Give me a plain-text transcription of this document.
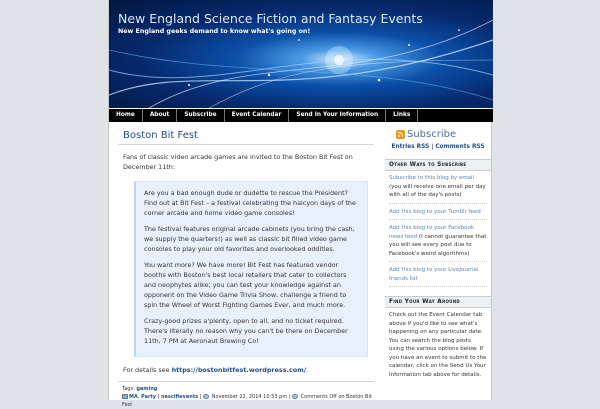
New England Science Fiction and Fantasy Events
New England geeks demand to know what's going on!
Home	About	Subscribe	Event Calendar	Send In Your Information	Links
Boston Bit Fest
Fans of classic video arcade games are invited to the Boston Bit Fest on December 11th:

Are you a bad enough dude or dudette to rescue the President? Find out at Bit Fest – a festival celebrating the halcyon days of the corner arcade and home video game consoles!

The festival features original arcade cabinets (you bring the cash, we supply the quarters!) as well as classic bit filled video game consoles to play your old favorites and overlooked oddities.

You want more? We have more! Bit Fest has featured vendor booths with Boston's best local retailers that cater to collectors and neophytes alike; you can test your knowledge against an opponent on the Video Game Trivia Show, challenge a friend to spin the Wheel of Worst Fighting Games Ever, and much more.

Crazy-good prizes a'plenty, open to all, and no ticket required. There's literally no reason why you can't be there on December 11th, 7 PM at Aeronaut Brewing Co!

For details see https://bostonbitfest.wordpress.com/.
Tags: gaming
MA, Party | nescifievents |  November 22, 2014 10:53 pm |  Comments Off on Boston Bit Fest
Subscribe
Entries RSS | Comments RSS
Other Ways to Subscribe
Subscribe to this blog by email (you will receive one email per day with all of the day's posts)
Add this blog to your Tumblr feed
Add this blog to your Facebook news feed (I cannot guarantee that you will see every post due to Facebook's weird algorithms)
Add this blog to your LiveJournal friends list
Find Your Way Around
Check out the Event Calendar tab above if you'd like to see what's happening on any particular date. You can search the blog posts using the various options below. If you have an event to submit to the calendar, click on the Send Us Your Information tab above for details.
